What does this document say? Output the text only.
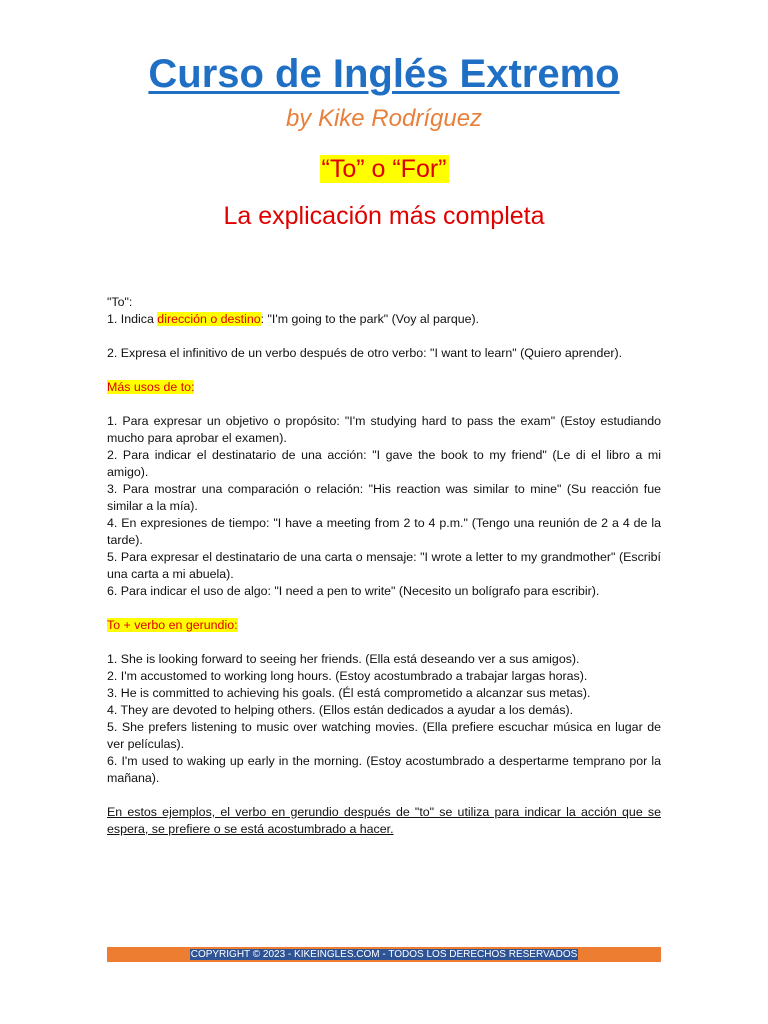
Curso de Inglés Extremo
by Kike Rodríguez
“To” o “For”
La explicación más completa

"To":

1. Indica dirección o destino: "I'm going to the park" (Voy al parque).

2. Expresa el infinitivo de un verbo después de otro verbo: "I want to learn" (Quiero aprender).

Más usos de to:

1. Para expresar un objetivo o propósito: "I'm studying hard to pass the exam" (Estoy estudiando mucho para aprobar el examen).

2. Para indicar el destinatario de una acción: "I gave the book to my friend" (Le di el libro a mi amigo).

3. Para mostrar una comparación o relación: "His reaction was similar to mine" (Su reacción fue similar a la mía).

4. En expresiones de tiempo: "I have a meeting from 2 to 4 p.m." (Tengo una reunión de 2 a 4 de la tarde).

5. Para expresar el destinatario de una carta o mensaje: "I wrote a letter to my grandmother" (Escribí una carta a mi abuela).

6. Para indicar el uso de algo: "I need a pen to write" (Necesito un bolígrafo para escribir).

To + verbo en gerundio:

1. She is looking forward to seeing her friends. (Ella está deseando ver a sus amigos).

2. I'm accustomed to working long hours. (Estoy acostumbrado a trabajar largas horas).

3. He is committed to achieving his goals. (Él está comprometido a alcanzar sus metas).

4. They are devoted to helping others. (Ellos están dedicados a ayudar a los demás).

5. She prefers listening to music over watching movies. (Ella prefiere escuchar música en lugar de ver películas).

6. I'm used to waking up early in the morning. (Estoy acostumbrado a despertarme temprano por la mañana).

En estos ejemplos, el verbo en gerundio después de "to" se utiliza para indicar la acción que se espera, se prefiere o se está acostumbrado a hacer.

COPYRIGHT © 2023 - KIKEINGLES.COM - TODOS LOS DERECHOS RESERVADOS
